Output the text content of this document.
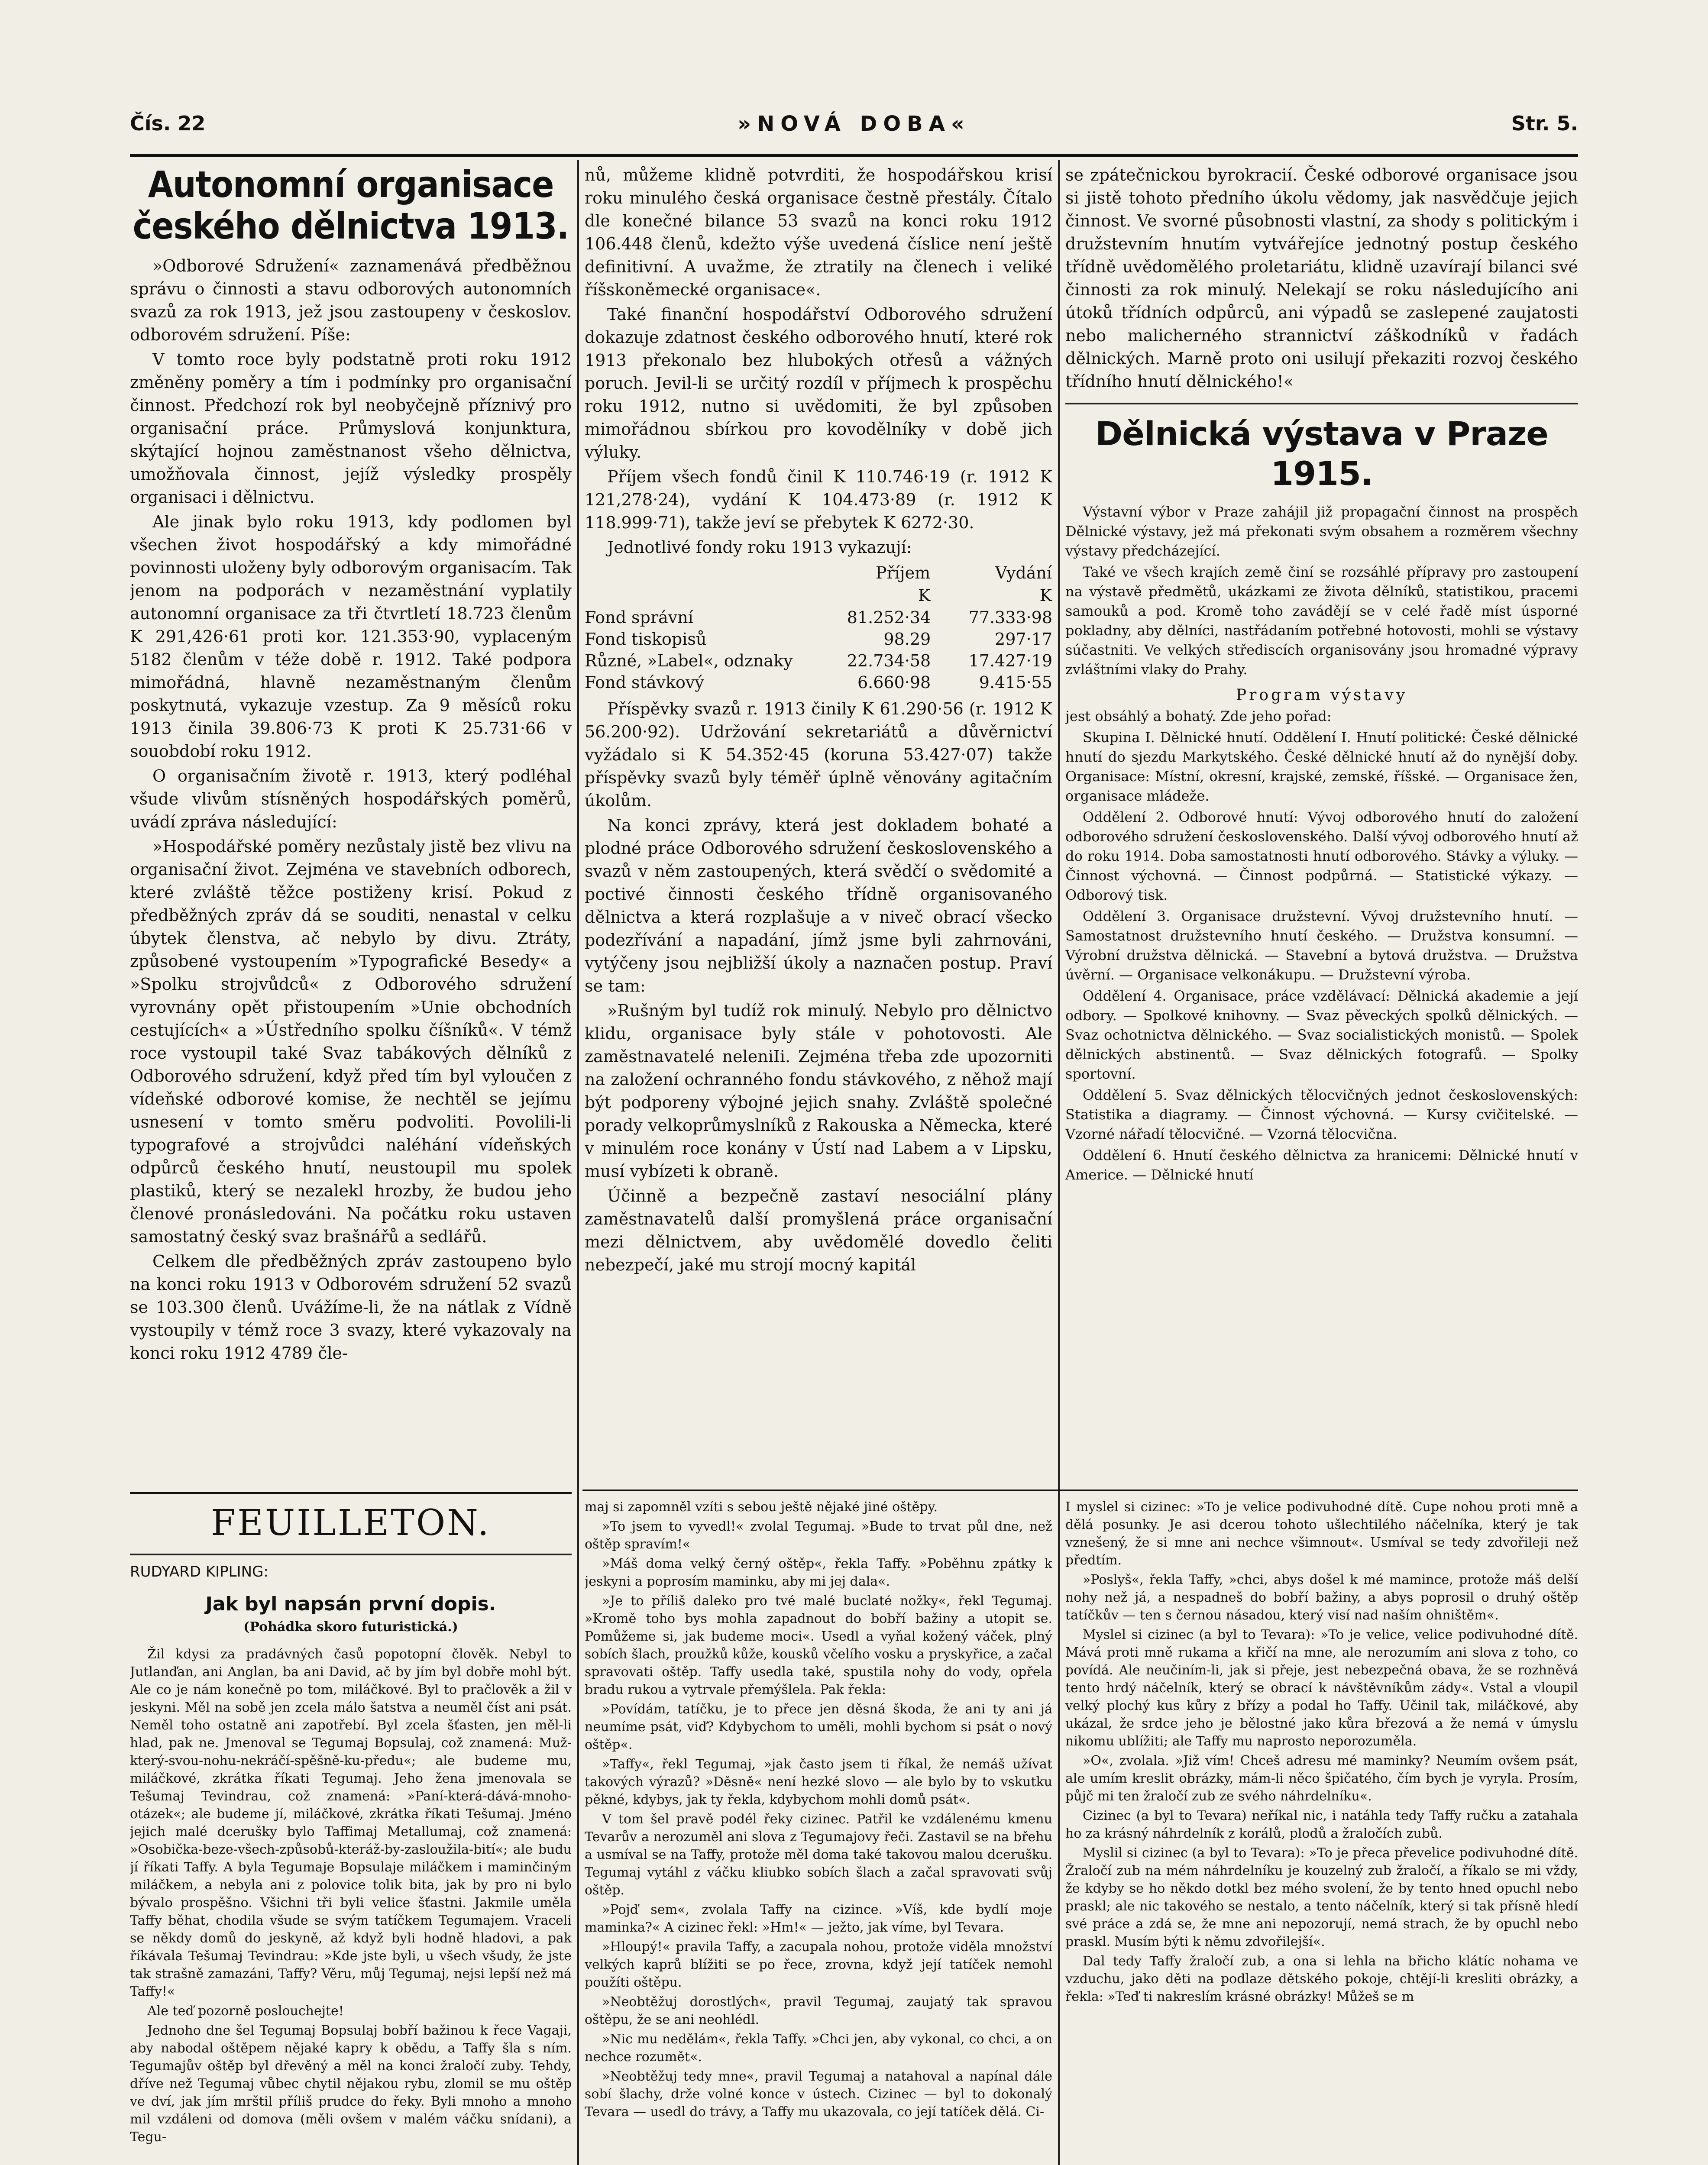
Čís. 22	»NOVÁ DOBA«	Str. 5.
Autonomní organisace českého dělnictva 1913.

»Odborové Sdružení« zaznamenává předběžnou správu o činnosti a stavu odborových autonomních svazů za rok 1913, jež jsou zastoupeny v českoslov. odborovém sdružení. Píše:

V tomto roce byly podstatně proti roku 1912 změněny poměry a tím i podmínky pro organisační činnost. Předchozí rok byl neobyčejně příznivý pro organisační práce. Průmyslová konjunktura, skýtající hojnou zaměstnanost všeho dělnictva, umožňovala činnost, jejíž výsledky prospěly organisaci i dělnictvu.

Ale jinak bylo roku 1913, kdy podlomen byl všechen život hospodářský a kdy mimořádné povinnosti uloženy byly odborovým organisacím. Tak jenom na podporách v nezaměstnání vyplatily autonomní organisace za tři čtvrtletí 18.723 členům K 291,426·61 proti kor. 121.353·90, vyplaceným 5182 členům v téže době r. 1912. Také podpora mimořádná, hlavně nezaměstnaným členům poskytnutá, vykazuje vzestup. Za 9 měsíců roku 1913 činila 39.806·73 K proti K 25.731·66 v souobdobí roku 1912.

O organisačním životě r. 1913, který podléhal všude vlivům stísněných hospodářských poměrů, uvádí zpráva následující:

»Hospodářské poměry nezůstaly jistě bez vlivu na organisační život. Zejména ve stavebních odborech, které zvláště těžce postiženy krisí. Pokud z předběžných zpráv dá se souditi, nenastal v celku úbytek členstva, ač nebylo by divu. Ztráty, způsobené vystoupením »Typografické Besedy« a »Spolku strojvůdců« z Odborového sdružení vyrovnány opět přistoupením »Unie obchodních cestujících« a »Ústředního spolku číšníků«. V témž roce vystoupil také Svaz tabákových dělníků z Odborového sdružení, když před tím byl vyloučen z vídeňské odborové komise, že nechtěl se jejímu usnesení v tomto směru podvoliti. Povolili-li typografové a strojvůdci naléhání vídeňských odpůrců českého hnutí, neustoupil mu spolek plastiků, který se nezalekl hrozby, že budou jeho členové pronásledováni. Na počátku roku ustaven samostatný český svaz brašnářů a sedlářů.

Celkem dle předběžných zpráv zastoupeno bylo na konci roku 1913 v Odborovém sdružení 52 svazů se 103.300 členů. Uvážíme-li, že na nátlak z Vídně vystoupily v témž roce 3 svazy, které vykazovaly na konci roku 1912 4789 čle-

nů, můžeme klidně potvrditi, že hospodářskou krisí roku minulého česká organisace čestně přestály. Čítalo dle konečné bilance 53 svazů na konci roku 1912 106.448 členů, kdežto výše uvedená číslice není ještě definitivní. A uvažme, že ztratily na členech i veliké říšskoněmecké organisace«.

Také finanční hospodářství Odborového sdružení dokazuje zdatnost českého odborového hnutí, které rok 1913 překonalo bez hlubokých otřesů a vážných poruch. Jevil-li se určitý rozdíl v příjmech k prospěchu roku 1912, nutno si uvědomiti, že byl způsoben mimořádnou sbírkou pro kovodělníky v době jich výluky.

Příjem všech fondů činil K 110.746·19 (r. 1912 K 121,278·24), vydání K 104.473·89 (r. 1912 K 118.999·71), takže jeví se přebytek K 6272·30.

Jednotlivé fondy roku 1913 vykazují:

	Příjem	Vydání
	K	K
Fond správní	81.252·34	77.333·98
Fond tiskopisů	98.29	297·17
Různé, »Label«, odznaky	22.734·58	17.427·19
Fond stávkový	6.660·98	9.415·55

Příspěvky svazů r. 1913 činily K 61.290·56 (r. 1912 K 56.200·92). Udržování sekretariátů a důvěrnictví vyžádalo si K 54.352·45 (koruna 53.427·07) takže příspěvky svazů byly téměř úplně věnovány agitačním úkolům.

Na konci zprávy, která jest dokladem bohaté a plodné práce Odborového sdružení československého a svazů v něm zastoupených, která svědčí o svědomité a poctivé činnosti českého třídně organisovaného dělnictva a která rozplašuje a v niveč obrací všecko podezřívání a napadání, jímž jsme byli zahrnováni, vytýčeny jsou nejbližší úkoly a naznačen postup. Praví se tam:

»Rušným byl tudíž rok minulý. Nebylo pro dělnictvo klidu, organisace byly stále v pohotovosti. Ale zaměstnavatelé neleniIi. Zejména třeba zde upozorniti na založení ochranného fondu stávkového, z něhož mají být podporeny výbojné jejich snahy. Zvláště společné porady velkoprůmyslníků z Rakouska a Německa, které v minulém roce konány v Ústí nad Labem a v Lipsku, musí vybízeti k obraně.

Účinně a bezpečně zastaví nesociální plány zaměstnavatelů další promyšlená práce organisační mezi dělnictvem, aby uvědomělé dovedlo čeliti nebezpečí, jaké mu strojí mocný kapitál

se zpátečnickou byrokracií. České odborové organisace jsou si jistě tohoto předního úkolu vědomy, jak nasvědčuje jejich činnost. Ve svorné působnosti vlastní, za shody s politickým i družstevním hnutím vytvářejíce jednotný postup českého třídně uvědomělého proletariátu, klidně uzavírají bilanci své činnosti za rok minulý. Nelekají se roku následujícího ani útoků třídních odpůrců, ani výpadů se zaslepené zaujatosti nebo malicherného strannictví záškodníků v řadách dělnických. Marně proto oni usilují překaziti rozvoj českého třídního hnutí dělnického!«

Dělnická výstava v Praze 1915.

Výstavní výbor v Praze zahájil již propagační činnost na prospěch Dělnické výstavy, jež má překonati svým obsahem a rozměrem všechny výstavy předcházející.

Také ve všech krajích země činí se rozsáhlé přípravy pro zastoupení na výstavě předmětů, ukázkami ze života dělníků, statistikou, pracemi samouků a pod. Kromě toho zavádějí se v celé řadě míst úsporné pokladny, aby dělníci, nastřádaním potřebné hotovosti, mohli se výstavy súčastniti. Ve velkých střediscích organisovány jsou hromadné výpravy zvláštními vlaky do Prahy.

Program výstavy

jest obsáhlý a bohatý. Zde jeho pořad:

Skupina I. Dělnické hnutí. Oddělení I. Hnutí politické: České dělnické hnutí do sjezdu Markytského. České dělnické hnutí až do nynější doby. Organisace: Místní, okresní, krajské, zemské, říšské. — Organisace žen, organisace mládeže.

Oddělení 2. Odborové hnutí: Vývoj odborového hnutí do založení odborového sdružení československého. Další vývoj odborového hnutí až do roku 1914. Doba samostatnosti hnutí odborového. Stávky a výluky. — Činnost výchovná. — Činnost podpůrná. — Statistické výkazy. — Odborový tisk.

Oddělení 3. Organisace družstevní. Vývoj družstevního hnutí. — Samostatnost družstevního hnutí českého. — Družstva konsumní. — Výrobní družstva dělnická. — Stavební a bytová družstva. — Družstva úvěrní. — Organisace velkonákupu. — Družstevní výroba.

Oddělení 4. Organisace, práce vzdělávací: Dělnická akademie a její odbory. — Spolkové knihovny. — Svaz pěveckých spolků dělnických. — Svaz ochotnictva dělnického. — Svaz socialistických monistů. — Spolek dělnických abstinentů. — Svaz dělnických fotografů. — Spolky sportovní.

Oddělení 5. Svaz dělnických tělocvičných jednot československých: Statistika a diagramy. — Činnost výchovná. — Kursy cvičitelské. — Vzorné nářadí tělocvičné. — Vzorná tělocvična.

Oddělení 6. Hnutí českého dělnictva za hranicemi: Dělnické hnutí v Americe. — Dělnické hnutí

FEUILLETON.

RUDYARD KIPLING:

Jak byl napsán první dopis.

(Pohádka skoro futuristická.)

Žil kdysi za pradávných časů popotopní člověk. Nebyl to Jutlanďan, ani Anglan, ba ani David, ač by jím byl dobře mohl být. Ale co je nám konečně po tom, miláčkové. Byl to pračlověk a žil v jeskyni. Měl na sobě jen zcela málo šatstva a neuměl číst ani psát. Neměl toho ostatně ani zapotřebí. Byl zcela šťasten, jen měl-li hlad, pak ne. Jmenoval se Tegumaj Bopsulaj, což znamená: Muž-který-svou-nohu-nekráčí-spěšně-ku-předu«; ale budeme mu, miláčkové, zkrátka říkati Tegumaj. Jeho žena jmenovala se Tešumaj Tevindrau, což znamená: »Paní-která-dává-mnoho-otázek«; ale budeme jí, miláčkové, zkrátka říkati Tešumaj. Jméno jejich malé dcerušky bylo Taffimaj Metallumaj, což znamená: »Osobička-beze-všech-způsobů-kteráž-by-zasloužila-bití«; ale budu jí říkati Taffy. A byla Tegumaje Bopsulaje miláčkem i maminčiným miláčkem, a nebyla ani z polovice tolik bita, jak by pro ni bylo bývalo prospěšno. Všichni tři byli velice šťastni. Jakmile uměla Taffy běhat, chodila všude se svým tatíčkem Tegumajem. Vraceli se někdy domů do jeskyně, až když byli hodně hladovi, a pak říkávala Tešumaj Tevindrau: »Kde jste byli, u všech všudy, že jste tak strašně zamazáni, Taffy? Věru, můj Tegumaj, nejsi lepší než má Taffy!«

Ale teď pozorně poslouchejte!

Jednoho dne šel Tegumaj Bopsulaj bobří bažinou k řece Vagaji, aby nabodal oštěpem nějaké kapry k obědu, a Taffy šla s ním. Tegumajův oštěp byl dřevěný a měl na konci žraločí zuby. Tehdy, dříve než Tegumaj vůbec chytil nějakou rybu, zlomil se mu oštěp ve dví, jak jím mrštil příliš prudce do řeky. Byli mnoho a mnoho mil vzdáleni od domova (měli ovšem v malém váčku snídani), a Tegu-

maj si zapomněl vzíti s sebou ještě nějaké jiné oštěpy.

»To jsem to vyvedl!« zvolal Tegumaj. »Bude to trvat půl dne, než oštěp spravím!«

»Máš doma velký černý oštěp«, řekla Taffy. »Poběhnu zpátky k jeskyni a poprosím maminku, aby mi jej dala«.

»Je to příliš daleko pro tvé malé buclaté nožky«, řekl Tegumaj. »Kromě toho bys mohla zapadnout do bobří bažiny a utopit se. Pomůžeme si, jak budeme moci«. Usedl a vyňal kožený váček, plný sobích šlach, proužků kůže, kousků včelího vosku a pryskyřice, a začal spravovati oštěp. Taffy usedla také, spustila nohy do vody, opřela bradu rukou a vytrvale přemýšlela. Pak řekla:

»Povídám, tatíčku, je to přece jen děsná škoda, že ani ty ani já neumíme psát, viď? Kdybychom to uměli, mohli bychom si psát o nový oštěp«.

»Taffy«, řekl Tegumaj, »jak často jsem ti říkal, že nemáš užívat takových výrazů? »Děsně« není hezké slovo — ale bylo by to vskutku pěkné, kdybys, jak ty řekla, kdybychom mohli domů psát«.

V tom šel pravě podél řeky cizinec. Patřil ke vzdálenému kmenu Tevarův a nerozuměl ani slova z Tegumajovy řeči. Zastavil se na břehu a usmíval se na Taffy, protože měl doma také takovou malou dcerušku. Tegumaj vytáhl z váčku kliubko sobích šlach a začal spravovati svůj oštěp.

»Pojď sem«, zvolala Taffy na cizince. »Víš, kde bydlí moje maminka?« A cizinec řekl: »Hm!« — ježto, jak víme, byl Tevara.

»Hloupý!« pravila Taffy, a zacupala nohou, protože viděla množství velkých kaprů blížiti se po řece, zrovna, když její tatíček nemohl použíti oštěpu.

»Neobtěžuj dorostlých«, pravil Tegumaj, zaujatý tak spravou oštěpu, že se ani neohlédl.

»Nic mu nedělám«, řekla Taffy. »Chci jen, aby vykonal, co chci, a on nechce rozumět«.

»Neobtěžuj tedy mne«, pravil Tegumaj a natahoval a napínal dále sobí šlachy, drže volné konce v ústech. Cizinec — byl to dokonalý Tevara — usedl do trávy, a Taffy mu ukazovala, co její tatíček dělá. Ci-

I myslel si cizinec: »To je velice podivuhodné dítě. Cupe nohou proti mně a dělá posunky. Je asi dcerou tohoto ušlechtilého náčelníka, který je tak vznešený, že si mne ani nechce všimnout«. Usmíval se tedy zdvořileji než předtím.

»Poslyš«, řekla Taffy, »chci, abys došel k mé mamince, protože máš delší nohy než já, a nespadneš do bobří bažiny, a abys poprosil o druhý oštěp tatíčkův — ten s černou násadou, který visí nad naším ohništěm«.

Myslel si cizinec (a byl to Tevara): »To je velice, velice podivuhodné dítě. Mává proti mně rukama a křičí na mne, ale nerozumím ani slova z toho, co povídá. Ale neučiním-li, jak si přeje, jest nebezpečná obava, že se rozhněvá tento hrdý náčelník, který se obrací k návštěvníkům zády«. Vstal a vloupil velký plochý kus kůry z břízy a podal ho Taffy. Učinil tak, miláčkové, aby ukázal, že srdce jeho je bělostné jako kůra březová a že nemá v úmyslu nikomu ublížiti; ale Taffy mu naprosto neporozuměla.

»O«, zvolala. »Již vím! Chceš adresu mé maminky? Neumím ovšem psát, ale umím kreslit obrázky, mám-li něco špičatého, čím bych je vyryla. Prosím, půjč mi ten žraločí zub ze svého náhrdelníku«.

Cizinec (a byl to Tevara) neříkal nic, i natáhla tedy Taffy ručku a zatahala ho za krásný náhrdelník z korálů, plodů a žraločích zubů.

Myslil si cizinec (a byl to Tevara): »To je přeca převelice podivuhodné dítě. Žraločí zub na mém náhrdelníku je kouzelný zub žraločí, a říkalo se mi vždy, že kdyby se ho někdo dotkl bez mého svolení, že by tento hned opuchl nebo praskl; ale nic takového se nestalo, a tento náčelník, který si tak přísně hledí své práce a zdá se, že mne ani nepozorují, nemá strach, že by opuchl nebo praskl. Musím býti k němu zdvořilejší«.

Dal tedy Taffy žraločí zub, a ona si lehla na břicho klátíc nohama ve vzduchu, jako děti na podlaze dětského pokoje, chtějí-li kresliti obrázky, a řekla: »Teď ti nakreslím krásné obrázky! Můžeš se m
